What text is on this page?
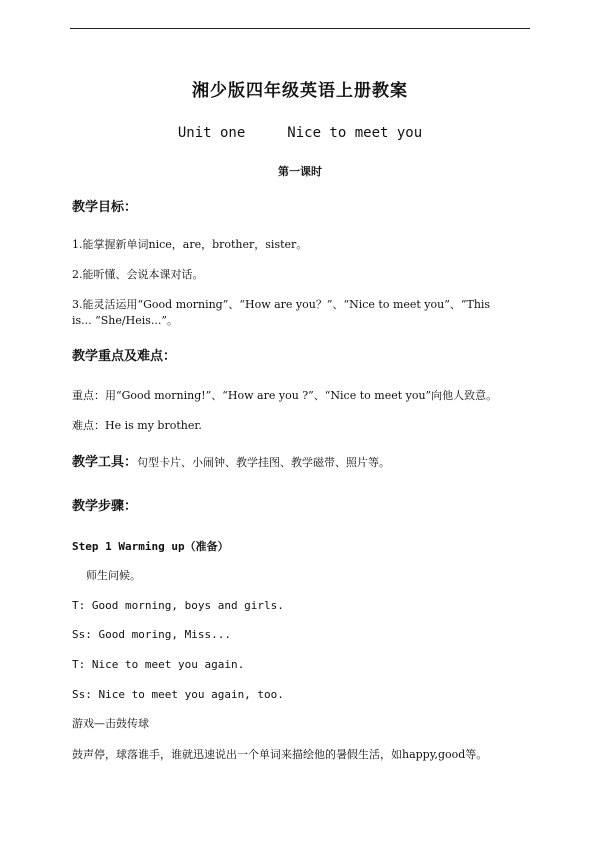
湘少版四年级英语上册教案
Unit one	Nice to meet you
第一课时
教学目标：
1.能掌握新单词nice，are，brother，sister。
2.能听懂、会说本课对话。
3.能灵活运用“Good morning”、“How are you？”、“Nice to meet you”、“This
is... “She/Heis...”。
教学重点及难点：
重点：用“Good morning!”、“How are you ?”、“Nice to meet you”向他人致意。
难点：He is my brother.
教学工具：句型卡片、小闹钟、教学挂图、教学磁带、照片等。
教学步骤：
Step 1 Warming up（准备）
师生问候。
T: Good morning, boys and girls.
Ss: Good moring, Miss...
T: Nice to meet you again.
Ss: Nice to meet you again, too.
游戏—击鼓传球
鼓声停，球落谁手，谁就迅速说出一个单词来描绘他的暑假生活，如happy,good等。
